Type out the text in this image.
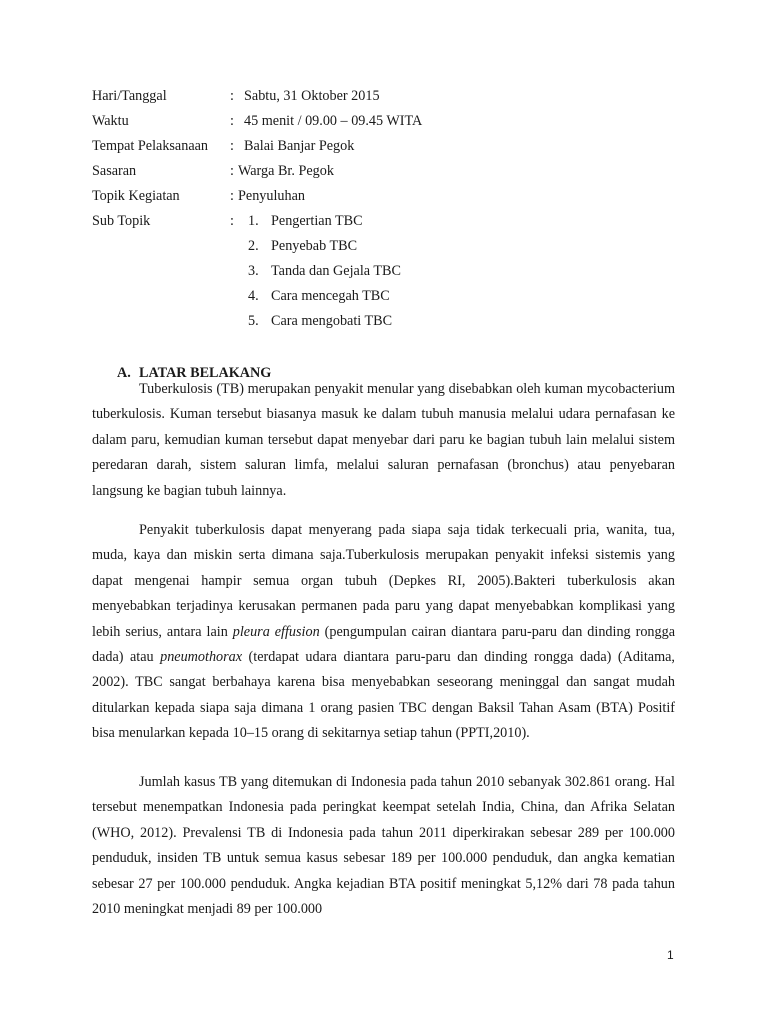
Hari/Tanggal	: Sabtu, 31 Oktober 2015
Waktu	: 45 menit / 09.00 – 09.45 WITA
Tempat Pelaksanaan : Balai Banjar Pegok
Sasaran	: Warga Br. Pegok
Topik Kegiatan	: Penyuluhan
Sub Topik	: 1. Pengertian TBC
2. Penyebab TBC
3. Tanda dan Gejala TBC
4. Cara mencegah TBC
5. Cara mengobati TBC
A. LATAR BELAKANG

Tuberkulosis (TB) merupakan penyakit menular yang disebabkan oleh kuman mycobacterium tuberkulosis. Kuman tersebut biasanya masuk ke dalam tubuh manusia melalui udara pernafasan ke dalam paru, kemudian kuman tersebut dapat menyebar dari paru ke bagian tubuh lain melalui sistem peredaran darah, sistem saluran limfa, melalui saluran pernafasan (bronchus) atau penyebaran langsung ke bagian tubuh lainnya.

Penyakit tuberkulosis dapat menyerang pada siapa saja tidak terkecuali pria, wanita, tua, muda, kaya dan miskin serta dimana saja.Tuberkulosis merupakan penyakit infeksi sistemis yang dapat mengenai hampir semua organ tubuh (Depkes RI, 2005).Bakteri tuberkulosis akan menyebabkan terjadinya kerusakan permanen pada paru yang dapat menyebabkan komplikasi yang lebih serius, antara lain pleura effusion (pengumpulan cairan diantara paru-paru dan dinding rongga dada) atau pneumothorax (terdapat udara diantara paru-paru dan dinding rongga dada) (Aditama, 2002). TBC sangat berbahaya karena bisa menyebabkan seseorang meninggal dan sangat mudah ditularkan kepada siapa saja dimana 1 orang pasien TBC dengan Baksil Tahan Asam (BTA) Positif bisa menularkan kepada 10–15 orang di sekitarnya setiap tahun (PPTI,2010).

Jumlah kasus TB yang ditemukan di Indonesia pada tahun 2010 sebanyak 302.861 orang. Hal tersebut menempatkan Indonesia pada peringkat keempat setelah India, China, dan Afrika Selatan (WHO, 2012). Prevalensi TB di Indonesia pada tahun 2011 diperkirakan sebesar 289 per 100.000 penduduk, insiden TB untuk semua kasus sebesar 189 per 100.000 penduduk, dan angka kematian sebesar 27 per 100.000 penduduk. Angka kejadian BTA positif meningkat 5,12% dari 78 pada tahun 2010 meningkat menjadi 89 per 100.000

1
